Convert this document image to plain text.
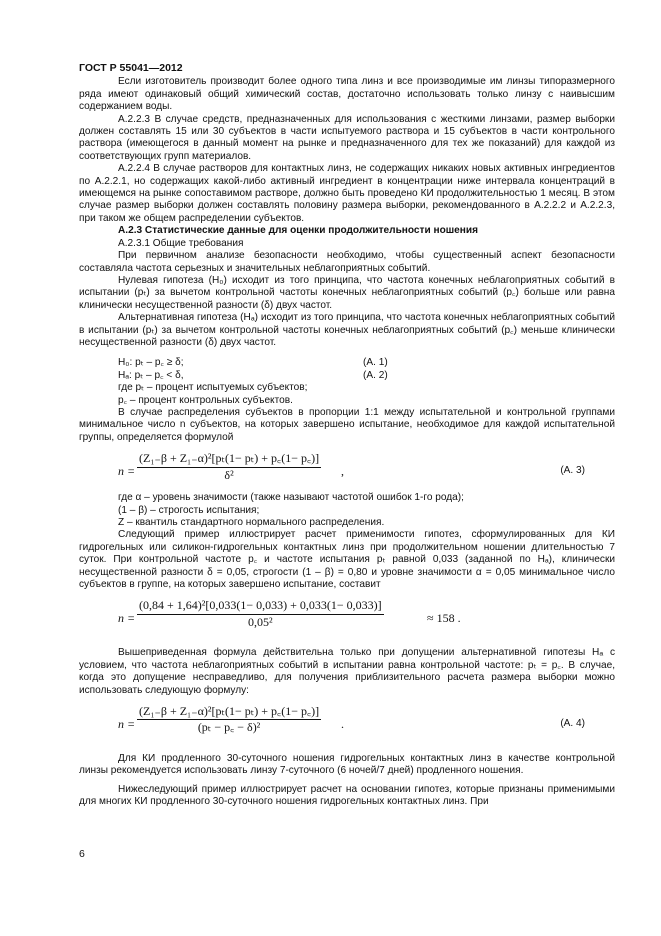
ГОСТ Р 55041—2012

Если изготовитель производит более одного типа линз и все производимые им линзы типоразмерного ряда имеют одинаковый общий химический состав, достаточно использовать только линзу с наивысшим содержанием воды.

А.2.2.3 В случае средств, предназначенных для использования с жесткими линзами, размер выборки должен составлять 15 или 30 субъектов в части испытуемого раствора и 15 субъектов в части контрольного раствора (имеющегося в данный момент на рынке и предназначенного для тех же показаний) для каждой из соответствующих групп материалов.

А.2.2.4 В случае растворов для контактных линз, не содержащих никаких новых активных ингредиентов по А.2.2.1, но содержащих какой-либо активный ингредиент в концентрации ниже интервала концентраций в имеющемся на рынке сопоставимом растворе, должно быть проведено КИ продолжительностью 1 месяц. В этом случае размер выборки должен составлять половину размера выборки, рекомендованного в А.2.2.2 и А.2.2.3, при таком же общем распределении субъектов.

А.2.3 Статистические данные для оценки продолжительности ношения

А.2.3.1 Общие требования

При первичном анализе безопасности необходимо, чтобы существенный аспект безопасности составляла частота серьезных и значительных неблагоприятных событий.

Нулевая гипотеза (H₀) исходит из того принципа, что частота конечных неблагоприятных событий в испытании (pₜ) за вычетом контрольной частоты конечных неблагоприятных событий (p꜀) больше или равна клинически несущественной разности (δ) двух частот.

Альтернативная гипотеза (Hₐ) исходит из того принципа, что частота конечных неблагоприятных событий в испытании (pₜ) за вычетом контрольной частоты конечных неблагоприятных событий (p꜀) меньше клинически несущественной разности (δ) двух частот.

H₀: pₜ – p꜀ ≥ δ;	(А. 1)
Hₐ: pₜ – p꜀ < δ,	(А. 2)

где pₜ – процент испытуемых субъектов;

p꜀ – процент контрольных субъектов.

В случае распределения субъектов в пропорции 1:1 между испытательной и контрольной группами минимальное число n субъектов, на которых завершено испытание, необходимое для каждой испытательной группы, определяется формулой

n =
(Z₁₋β + Z₁₋α)²[pₜ(1− pₜ) + p꜀(1− p꜀)]
δ²	,	(А. 3)

где α – уровень значимости (также называют частотой ошибок 1-го рода);

(1 – β) – строгость испытания;

Z – квантиль стандартного нормального распределения.

Следующий пример иллюстрирует расчет применимости гипотез, сформулированных для КИ гидрогельных или силикон-гидрогельных контактных линз при продолжительном ношении длительностью 7 суток. При контрольной частоте p꜀ и частоте испытания pₜ равной 0,033 (заданной по Hₐ), клинически несущественной разности δ = 0,05, строгости (1 – β) = 0,80 и уровне значимости α = 0,05 минимальное число субъектов в группе, на которых завершено испытание, составит

n =
(0,84 + 1,64)²[0,033(1− 0,033) + 0,033(1− 0,033)]
0,05²	≈ 158 .

Вышеприведенная формула действительна только при допущении альтернативной гипотезы Hₐ с условием, что частота неблагоприятных событий в испытании равна контрольной частоте: pₜ = p꜀. В случае, когда это допущение несправедливо, для получения приблизительного расчета размера выборки можно использовать следующую формулу:

n =
(Z₁₋β + Z₁₋α)²[pₜ(1− pₜ) + p꜀(1− p꜀)]
(pₜ − p꜀ − δ)²	.	(А. 4)

Для КИ продленного 30-суточного ношения гидрогельных контактных линз в качестве контрольной линзы рекомендуется использовать линзу 7-суточного (6 ночей/7 дней) продленного ношения.

Нижеследующий пример иллюстрирует расчет на основании гипотез, которые признаны применимыми для многих КИ продленного 30-суточного ношения гидрогельных контактных линз. При

6
